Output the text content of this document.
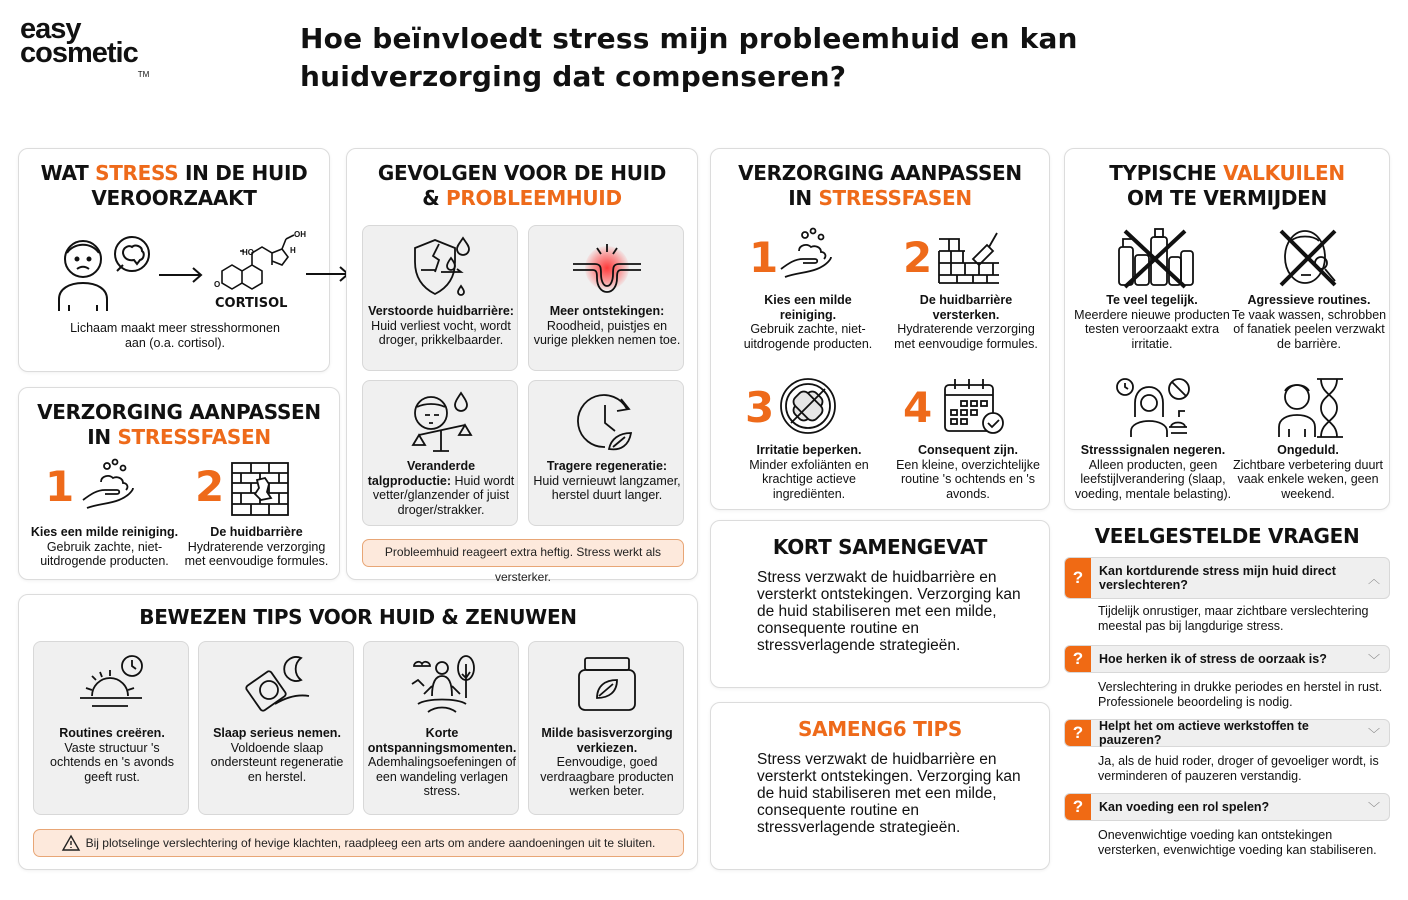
easy
cosmeticTM
Hoe beïnvloedt stress mijn probleemhuid en kan huidverzorging dat compenseren?
WAT STRESS IN DE HUID VEROORZAAKT
HO
OH
H
O
CORTISOL
Lichaam maakt meer stresshormonen aan (o.a. cortisol).
VERZORGING AANPASSEN
IN STRESSFASEN
1
Kies een milde reiniging.
Gebruik zachte, niet-uitdrogende producten.
2
De huidbarrière
Hydraterende verzorging met eenvoudige formules.
GEVOLGEN VOOR DE HUID
& PROBLEEMHUID
Verstoorde huidbarrière:
Huid verliest vocht, wordt droger, prikkelbaarder.
Meer ontstekingen:
Roodheid, puistjes en vurige plekken nemen toe.
Veranderde talgproductie: Huid wordt vetter/glanzender of juist droger/strakker.
Tragere regeneratie:
Huid vernieuwt langzamer, herstel duurt langer.
Probleemhuid reageert extra heftig. Stress werkt als versterker.
VERZORGING AANPASSEN
IN STRESSFASEN
1
Kies een milde reiniging.
Gebruik zachte, niet-uitdrogende producten.
2
De huidbarrière versterken.
Hydraterende verzorging met eenvoudige formules.
3
Irritatie beperken.
Minder exfoliänten en krachtige actieve ingrediënten.
4
Consequent zijn.
Een kleine, overzichtelijke routine 's ochtends en 's avonds.
KORT SAMENGEVAT
Stress verzwakt de huidbarrière en versterkt ontstekingen. Verzorging kan de huid stabiliseren met een milde, consequente routine en stressverlagende strategieën.
SAMENG6 TIPS
Stress verzwakt de huidbarrière en versterkt ontstekingen. Verzorging kan de huid stabiliseren met een milde, consequente routine en stressverlagende strategieën.
TYPISCHE VALKUILEN
OM TE VERMIJDEN
Te veel tegelijk.
Meerdere nieuwe producten testen veroorzaakt extra irritatie.
Agressieve routines.
Te vaak wassen, schrobben of fanatiek peelen verzwakt de barrière.
Stresssignalen negeren.
Alleen producten, geen leefstijlverandering (slaap, voeding, mentale belasting).
Ongeduld.
Zichtbare verbetering duurt vaak enkele weken, geen weekend.
VEELGESTELDE VRAGEN
?	Kan kortdurende stress mijn huid direct verslechteren?	︿
Tijdelijk onrustiger, maar zichtbare verslechtering meestal pas bij langdurige stress.
?	Hoe herken ik of stress de oorzaak is?	﹀
Verslechtering in drukke periodes en herstel in rust. Professionele beoordeling is nodig.
?	Helpt het om actieve werkstoffen te pauzeren?	﹀
Ja, als de huid roder, droger of gevoeliger wordt, is verminderen of pauzeren verstandig.
?	Kan voeding een rol spelen?	﹀
Onevenwichtige voeding kan ontstekingen versterken, evenwichtige voeding kan stabiliseren.
BEWEZEN TIPS VOOR HUID & ZENUWEN
Routines creëren.
Vaste structuur 's ochtends en 's avonds geeft rust.
Slaap serieus nemen.
Voldoende slaap ondersteunt regeneratie en herstel.
Korte ontspanningsmomenten.
Ademhalingsoefeningen of een wandeling verlagen stress.
Milde basisverzorging verkiezen.
Eenvoudige, goed verdraagbare producten werken beter.
Bij plotselinge verslechtering of hevige klachten, raadpleeg een arts om andere aandoeningen uit te sluiten.
